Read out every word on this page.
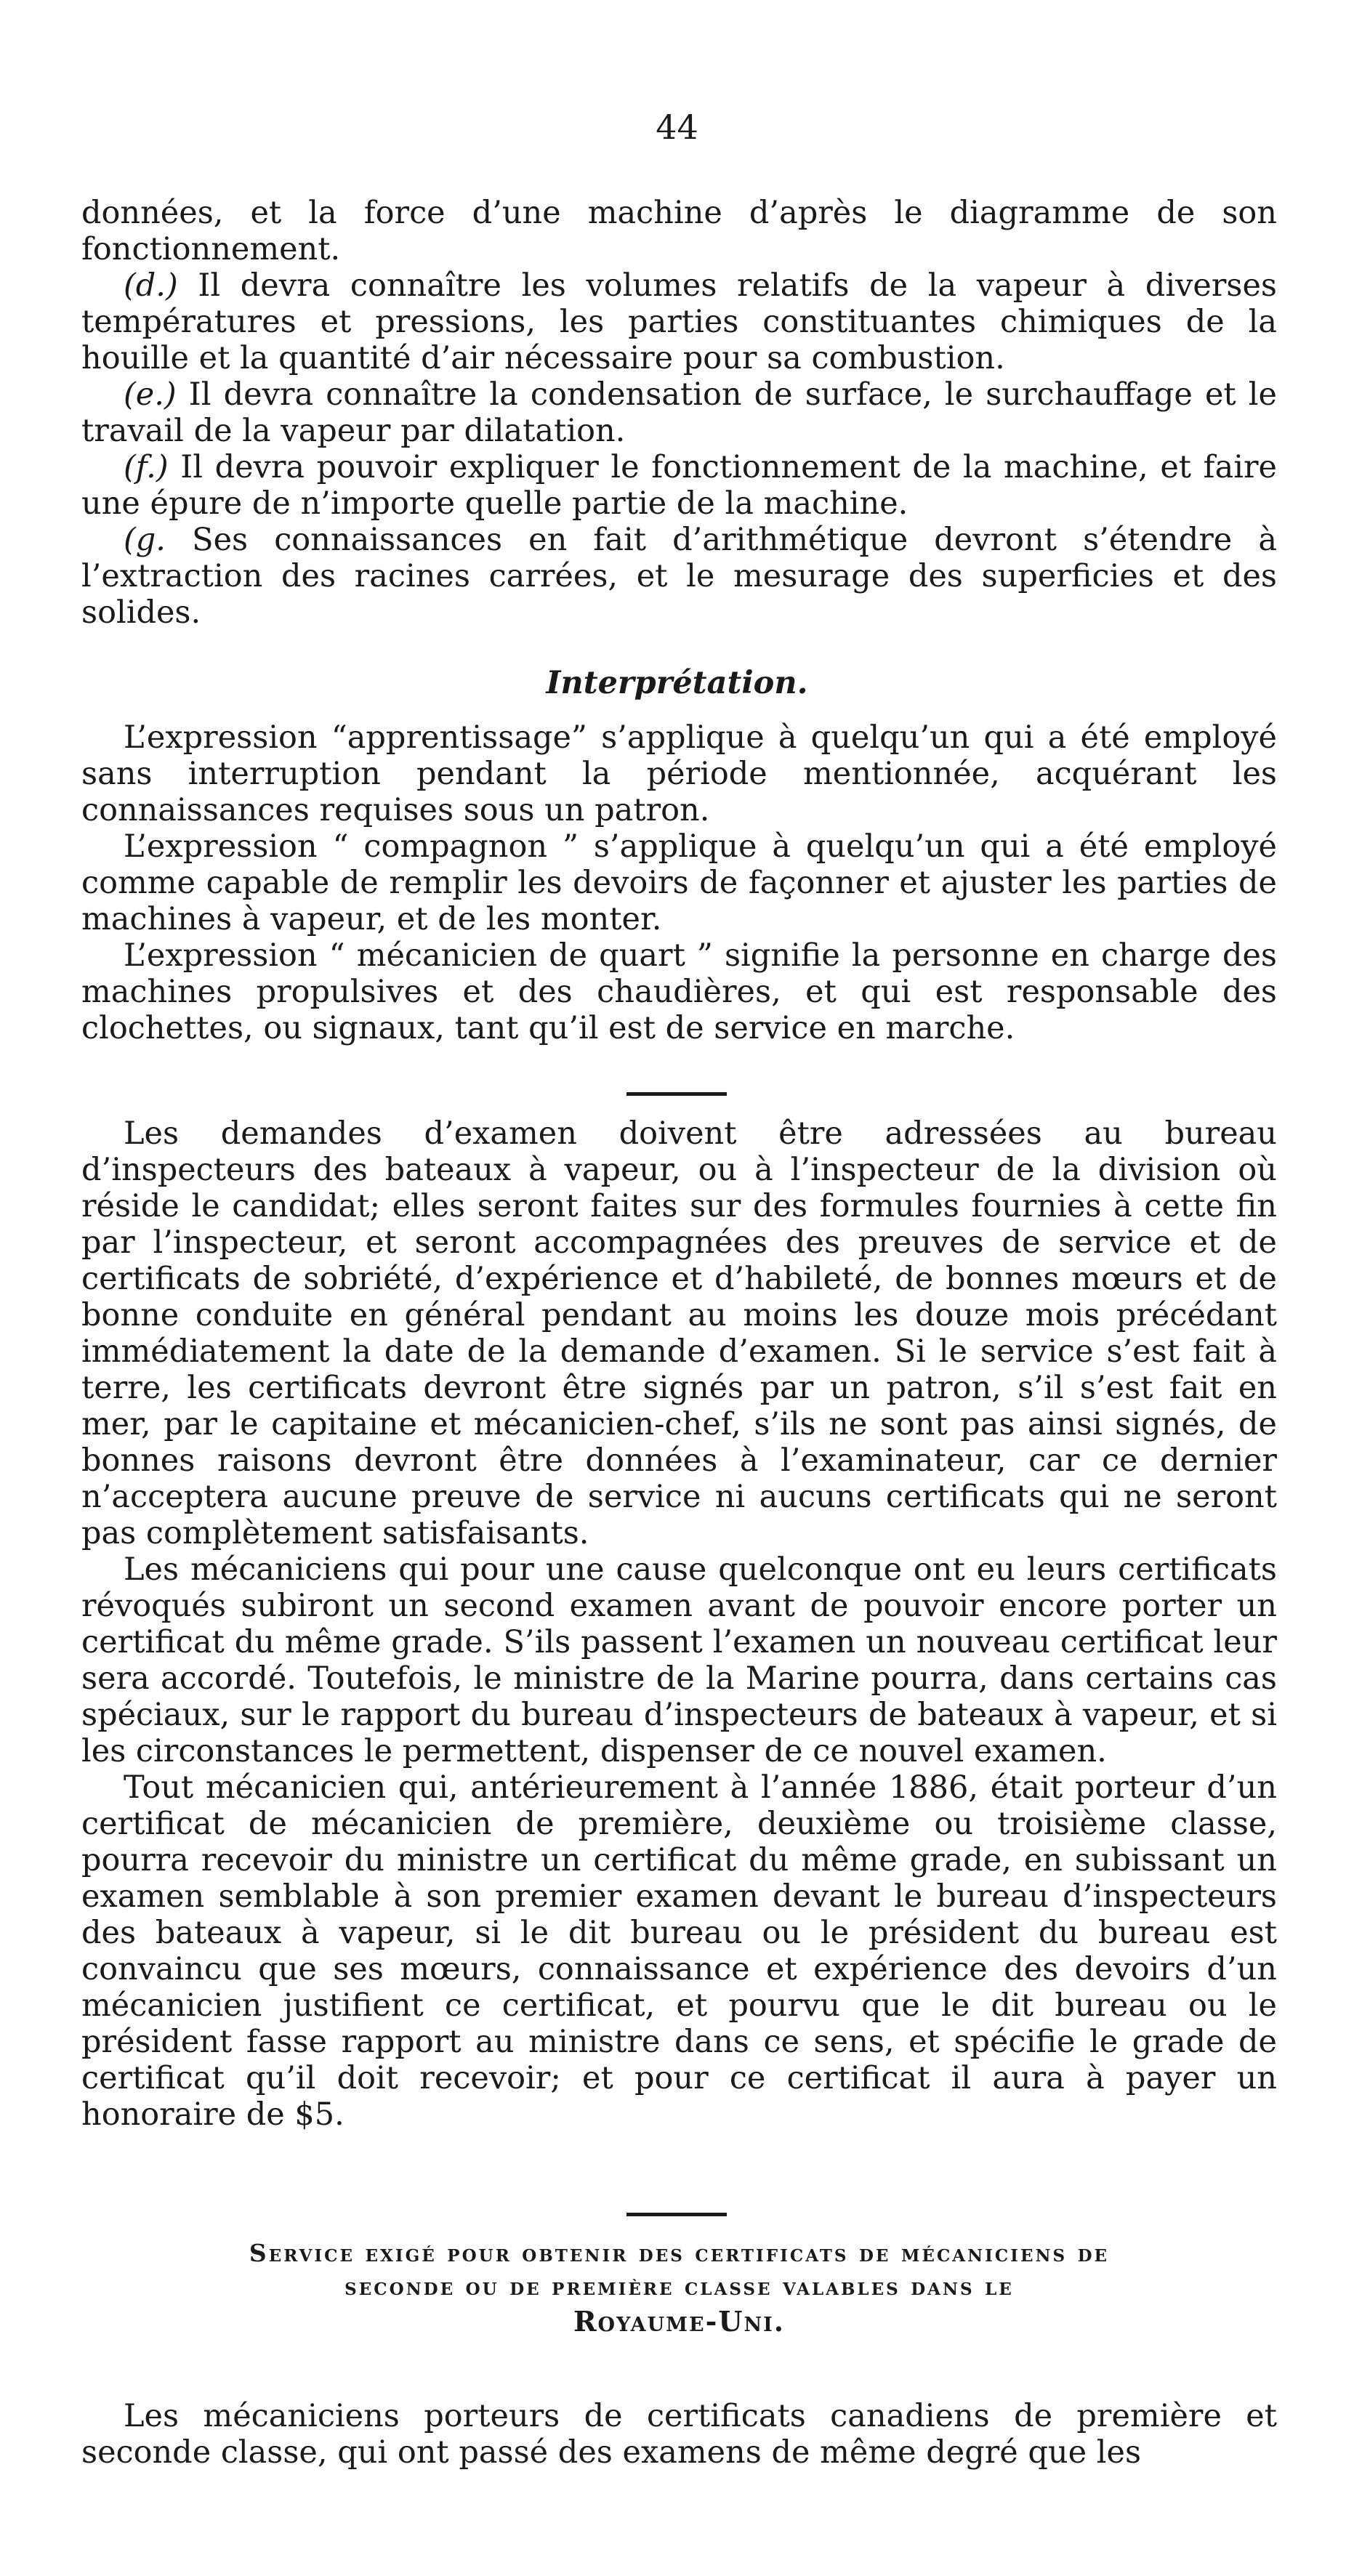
44

données, et la force d’une machine d’après le diagramme de son fonctionnement.

(d.) Il devra connaître les volumes relatifs de la vapeur à diverses températures et pressions, les parties constituantes chimiques de la houille et la quantité d’air nécessaire pour sa combustion.

(e.) Il devra connaître la condensation de surface, le surchauffage et le travail de la vapeur par dilatation.

(f.) Il devra pouvoir expliquer le fonctionnement de la machine, et faire une épure de n’importe quelle partie de la machine.

(g. Ses connaissances en fait d’arithmétique devront s’étendre à l’extraction des racines carrées, et le mesurage des superficies et des solides.

Interprétation.

L’expression “apprentissage” s’applique à quelqu’un qui a été employé sans interruption pendant la période mentionnée, acquérant les connaissances requises sous un patron.

L’expression “ compagnon ” s’applique à quelqu’un qui a été employé comme capable de remplir les devoirs de façonner et ajuster les parties de machines à vapeur, et de les monter.

L’expression “ mécanicien de quart ” signifie la personne en charge des machines propulsives et des chaudières, et qui est responsable des clochettes, ou signaux, tant qu’il est de service en marche.

Les demandes d’examen doivent être adressées au bureau d’inspecteurs des bateaux à vapeur, ou à l’inspecteur de la division où réside le candidat; elles seront faites sur des formules fournies à cette fin par l’inspecteur, et seront accompagnées des preuves de service et de certificats de sobriété, d’expérience et d’habileté, de bonnes mœurs et de bonne conduite en général pendant au moins les douze mois précédant immédiatement la date de la demande d’examen. Si le service s’est fait à terre, les certificats devront être signés par un patron, s’il s’est fait en mer, par le capitaine et mécanicien-chef, s’ils ne sont pas ainsi signés, de bonnes raisons devront être données à l’examinateur, car ce dernier n’acceptera aucune preuve de service ni aucuns certificats qui ne seront pas complètement satisfaisants.

Les mécaniciens qui pour une cause quelconque ont eu leurs certificats révoqués subiront un second examen avant de pouvoir encore porter un certificat du même grade. S’ils passent l’examen un nouveau certificat leur sera accordé. Toutefois, le ministre de la Marine pourra, dans certains cas spéciaux, sur le rapport du bureau d’inspecteurs de bateaux à vapeur, et si les circonstances le permettent, dispenser de ce nouvel examen.

Tout mécanicien qui, antérieurement à l’année 1886, était porteur d’un certificat de mécanicien de première, deuxième ou troisième classe, pourra recevoir du ministre un certificat du même grade, en subissant un examen semblable à son premier examen devant le bureau d’inspecteurs des bateaux à vapeur, si le dit bureau ou le président du bureau est convaincu que ses mœurs, connaissance et expérience des devoirs d’un mécanicien justifient ce certificat, et pourvu que le dit bureau ou le président fasse rapport au ministre dans ce sens, et spécifie le grade de certificat qu’il doit recevoir; et pour ce certificat il aura à payer un honoraire de $5.

Service exigé pour obtenir des certificats de mécaniciens de
seconde ou de première classe valables dans le
Royaume-Uni.

Les mécaniciens porteurs de certificats canadiens de première et seconde classe, qui ont passé des examens de même degré que les
